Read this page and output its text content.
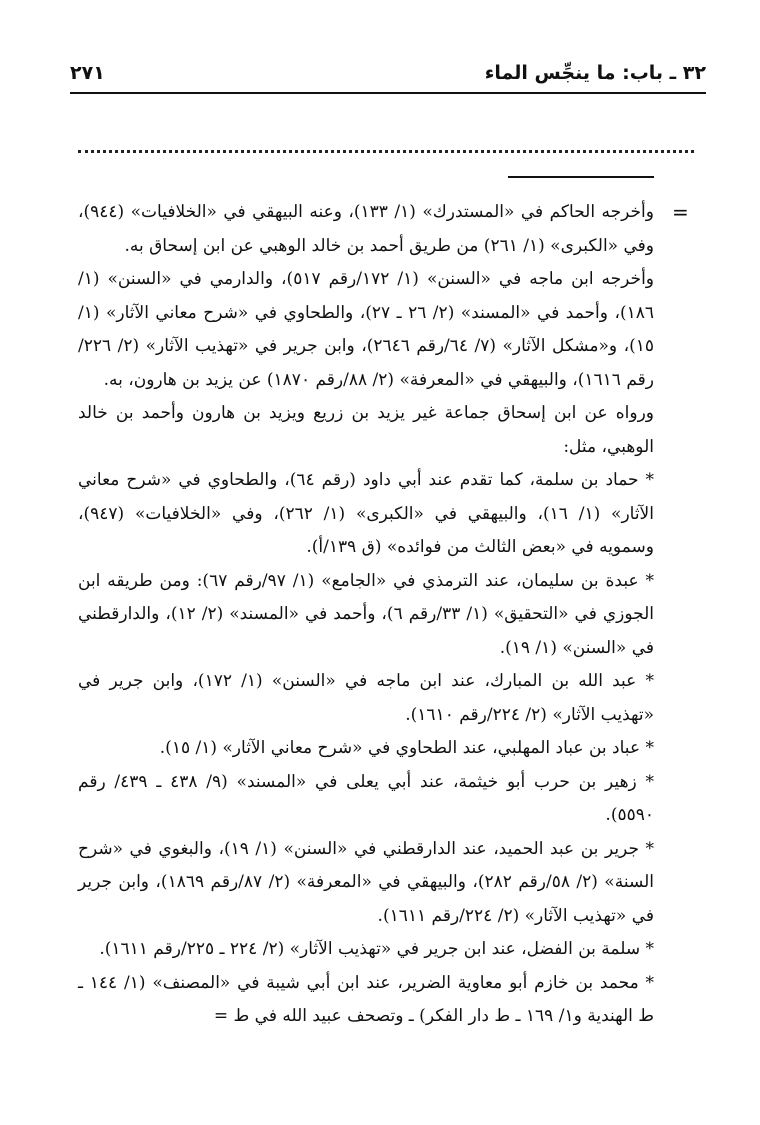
٣٢ ـ باب: ما ينجِّس الماء
٢٧١
=

وأخرجه الحاكم في «المستدرك» (١/ ١٣٣)، وعنه البيهقي في «الخلافيات» (٩٤٤)، وفي «الكبرى» (١/ ٢٦١) من طريق أحمد بن خالد الوهبي عن ابن إسحاق به.

وأخرجه ابن ماجه في «السنن» (١/ ١٧٢/رقم ٥١٧)، والدارمي في «السنن» (١/ ١٨٦)، وأحمد في «المسند» (٢/ ٢٦ ـ ٢٧)، والطحاوي في «شرح معاني الآثار» (١/ ١٥)، و«مشكل الآثار» (٧/ ٦٤/رقم ٢٦٤٦)، وابن جرير في «تهذيب الآثار» (٢/ ٢٢٦/رقم ١٦١٦)، والبيهقي في «المعرفة» (٢/ ٨٨/رقم ١٨٧٠) عن يزيد بن هارون، به.

ورواه عن ابن إسحاق جماعة غير يزيد بن زريع ويزيد بن هارون وأحمد بن خالد الوهبي، مثل:

* حماد بن سلمة، كما تقدم عند أبي داود (رقم ٦٤)، والطحاوي في «شرح معاني الآثار» (١/ ١٦)، والبيهقي في «الكبرى» (١/ ٢٦٢)، وفي «الخلافيات» (٩٤٧)، وسمويه في «بعض الثالث من فوائده» (ق ١٣٩/أ).

* عبدة بن سليمان، عند الترمذي في «الجامع» (١/ ٩٧/رقم ٦٧): ومن طريقه ابن الجوزي في «التحقيق» (١/ ٣٣/رقم ٦)، وأحمد في «المسند» (٢/ ١٢)، والدارقطني في «السنن» (١/ ١٩).

* عبد الله بن المبارك، عند ابن ماجه في «السنن» (١/ ١٧٢)، وابن جرير في «تهذيب الآثار» (٢/ ٢٢٤/رقم ١٦١٠).

* عباد بن عباد المهلبي، عند الطحاوي في «شرح معاني الآثار» (١/ ١٥).

* زهير بن حرب أبو خيثمة، عند أبي يعلى في «المسند» (٩/ ٤٣٨ ـ ٤٣٩/ رقم ٥٥٩٠).

* جرير بن عبد الحميد، عند الدارقطني في «السنن» (١/ ١٩)، والبغوي في «شرح السنة» (٢/ ٥٨/رقم ٢٨٢)، والبيهقي في «المعرفة» (٢/ ٨٧/رقم ١٨٦٩)، وابن جرير في «تهذيب الآثار» (٢/ ٢٢٤/رقم ١٦١١).

* سلمة بن الفضل، عند ابن جرير في «تهذيب الآثار» (٢/ ٢٢٤ ـ ٢٢٥/رقم ١٦١١).

* محمد بن خازم أبو معاوية الضرير، عند ابن أبي شيبة في «المصنف» (١/ ١٤٤ ـ ط الهندية و١/ ١٦٩ ـ ط دار الفكر) ـ وتصحف عبيد الله في ط =
